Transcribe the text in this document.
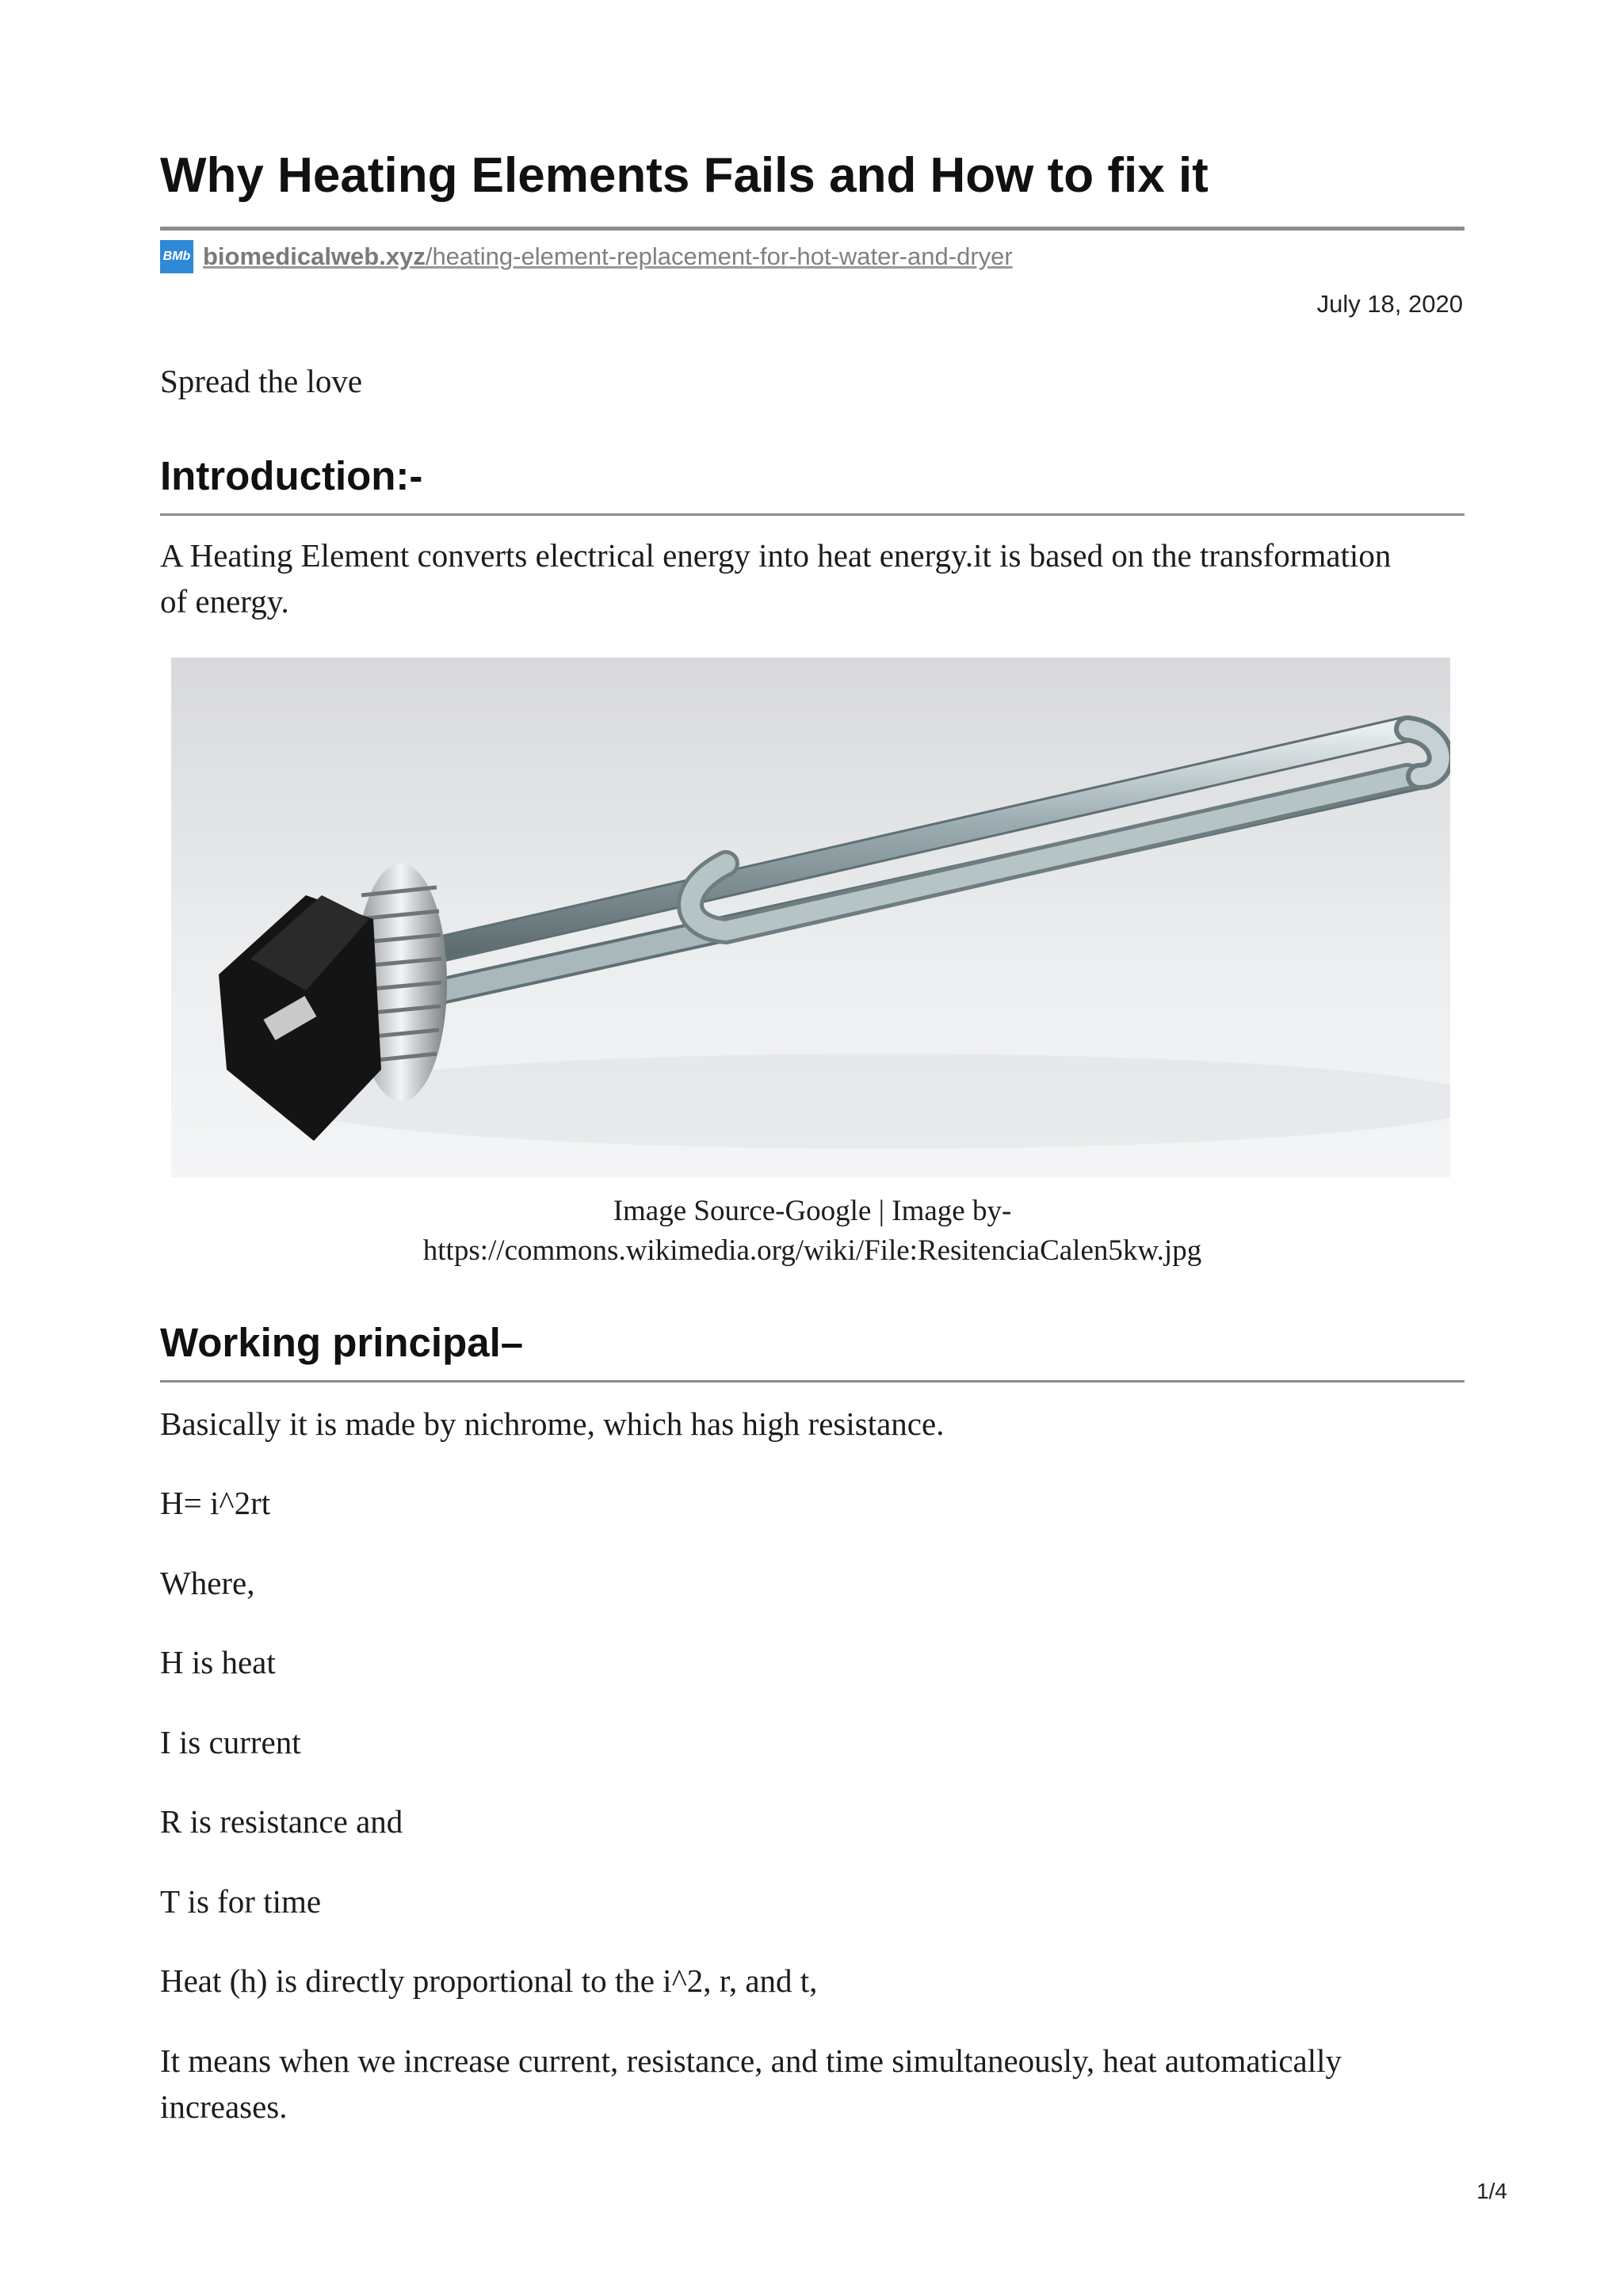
Why Heating Elements Fails and How to fix it
BMb biomedicalweb.xyz/heating-element-replacement-for-hot-water-and-dryer
July 18, 2020

Spread the love

Introduction:-

A Heating Element converts electrical energy into heat energy.it is based on the transformation of energy.

Image Source-Google | Image by-
https://commons.wikimedia.org/wiki/File:ResitenciaCalen5kw.jpg
Working principal–

Basically it is made by nichrome, which has high resistance.

H= i^2rt

Where,

H is heat

I is current

R is resistance and

T is for time

Heat (h) is directly proportional to the i^2, r, and t,

It means when we increase current, resistance, and time simultaneously, heat automatically increases.

1/4
